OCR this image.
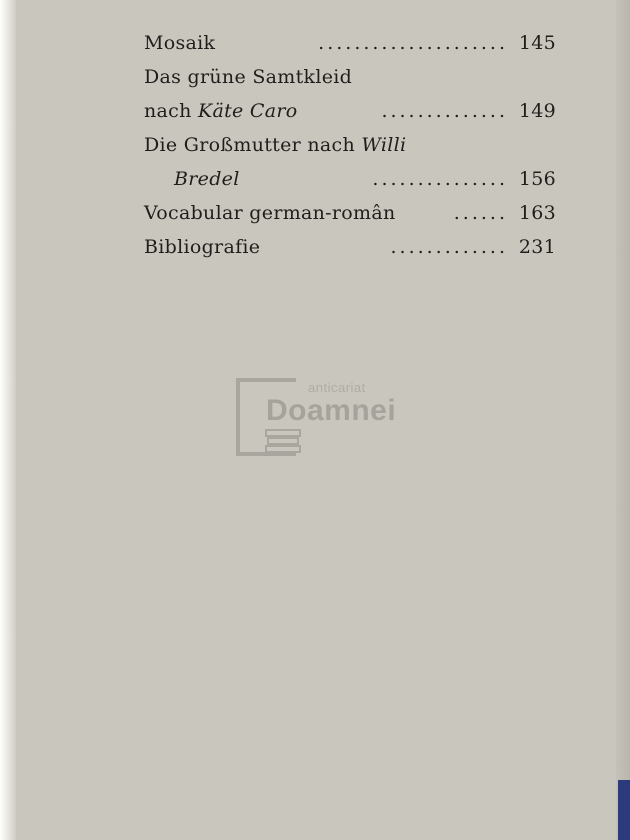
Mosaik	..................... 145
Das grüne Samtkleid
nach Käte Caro	.............. 149
Die Großmutter nach Willi
Bredel	............... 156
Vocabular german-român	...... 163
Bibliografie	............. 231
anticariat
Doamnei
